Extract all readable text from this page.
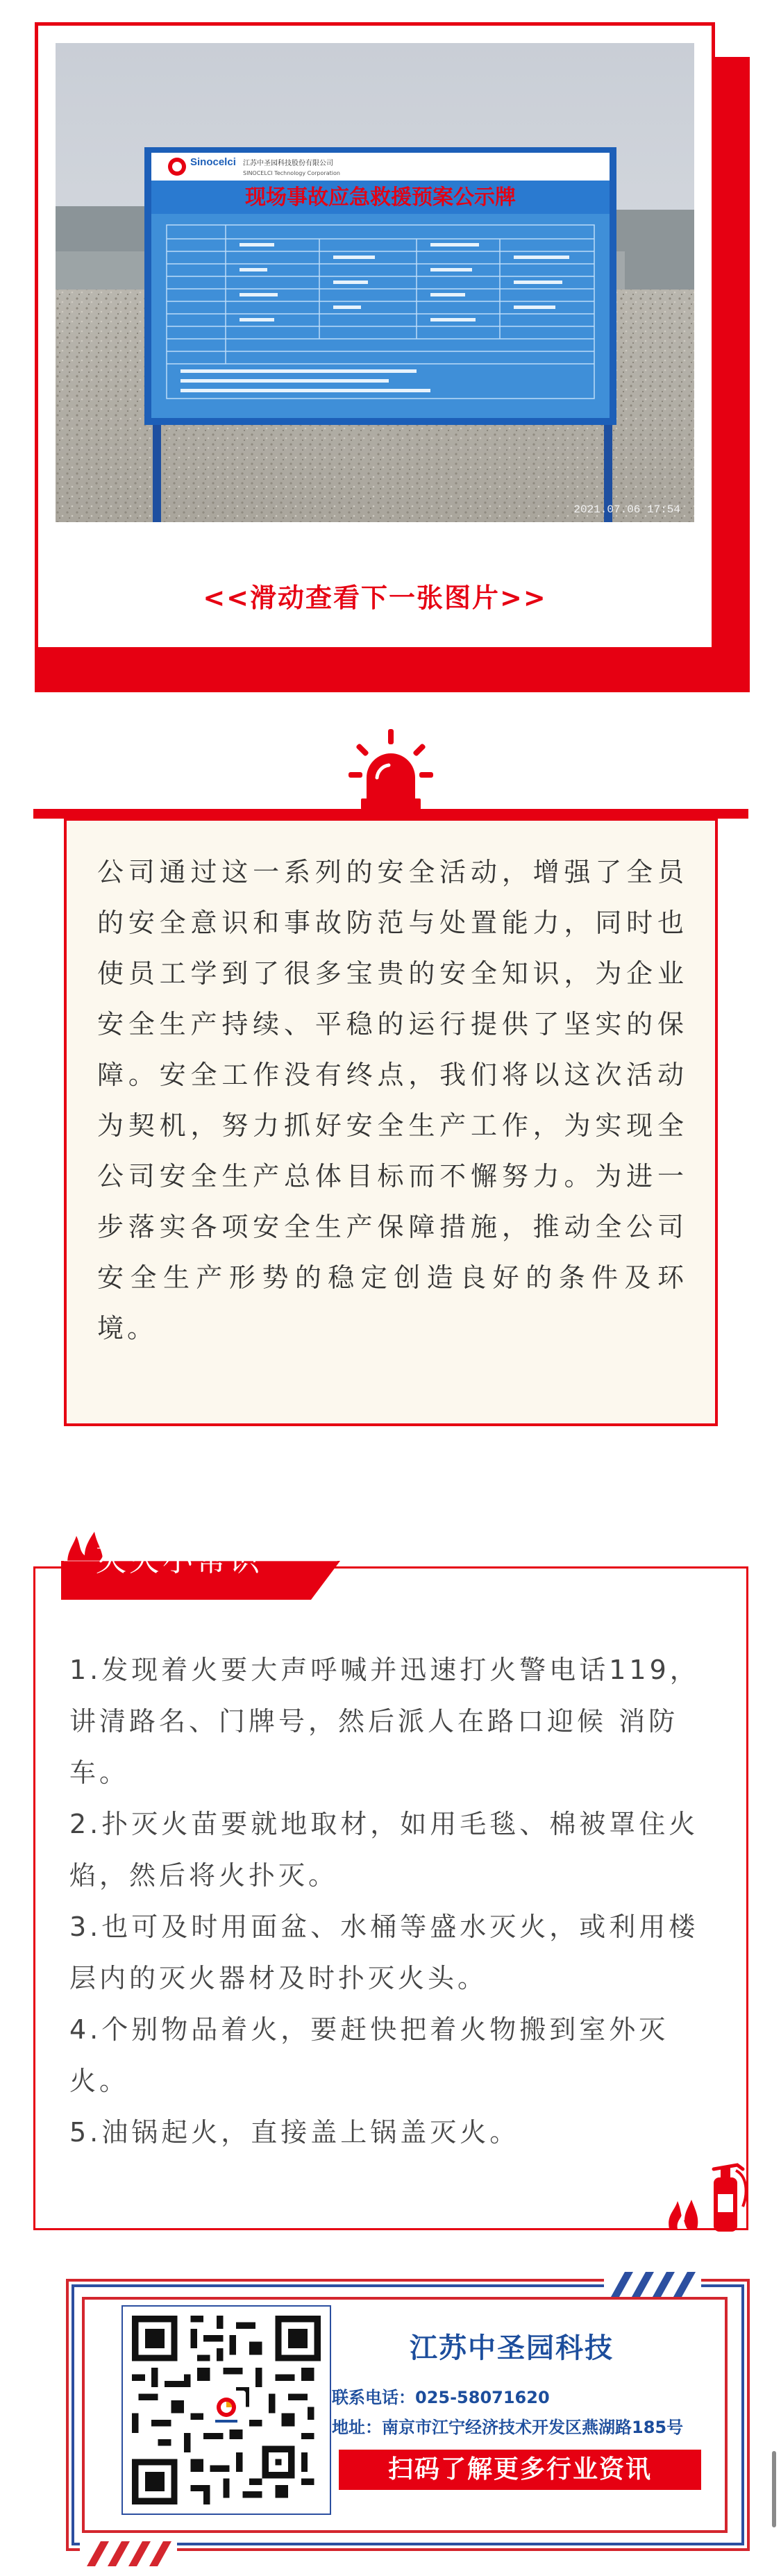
Sinocelci 江苏中圣园科技股份有限公司
SINOCELCI Technology Corporation
现场事故应急救援预案公示牌
2021.07.06 17:54
<<滑动查看下一张图片>>
公司通过这一系列的安全活动，增强了全员的安全意识和事故防范与处置能力，同时也使员工学到了很多宝贵的安全知识，为企业安全生产持续、平稳的运行提供了坚实的保障。安全工作没有终点，我们将以这次活动为契机，努力抓好安全生产工作，为实现全公司安全生产总体目标而不懈努力。为进一步落实各项安全生产保障措施，推动全公司安全生产形势的稳定创造良好的条件及环境。
灭火小常识
1.发现着火要大声呼喊并迅速打火警电话119，讲清路名、门牌号，然后派人在路口迎候 消防车。
2.扑灭火苗要就地取材，如用毛毯、棉被罩住火焰，然后将火扑灭。
3.也可及时用面盆、水桶等盛水灭火，或利用楼层内的灭火器材及时扑灭火头。
4.个别物品着火，要赶快把着火物搬到室外灭火。
5.油锅起火，直接盖上锅盖灭火。
江苏中圣园科技
联系电话：025-58071620
地址：南京市江宁经济技术开发区燕湖路185号
扫码了解更多行业资讯
